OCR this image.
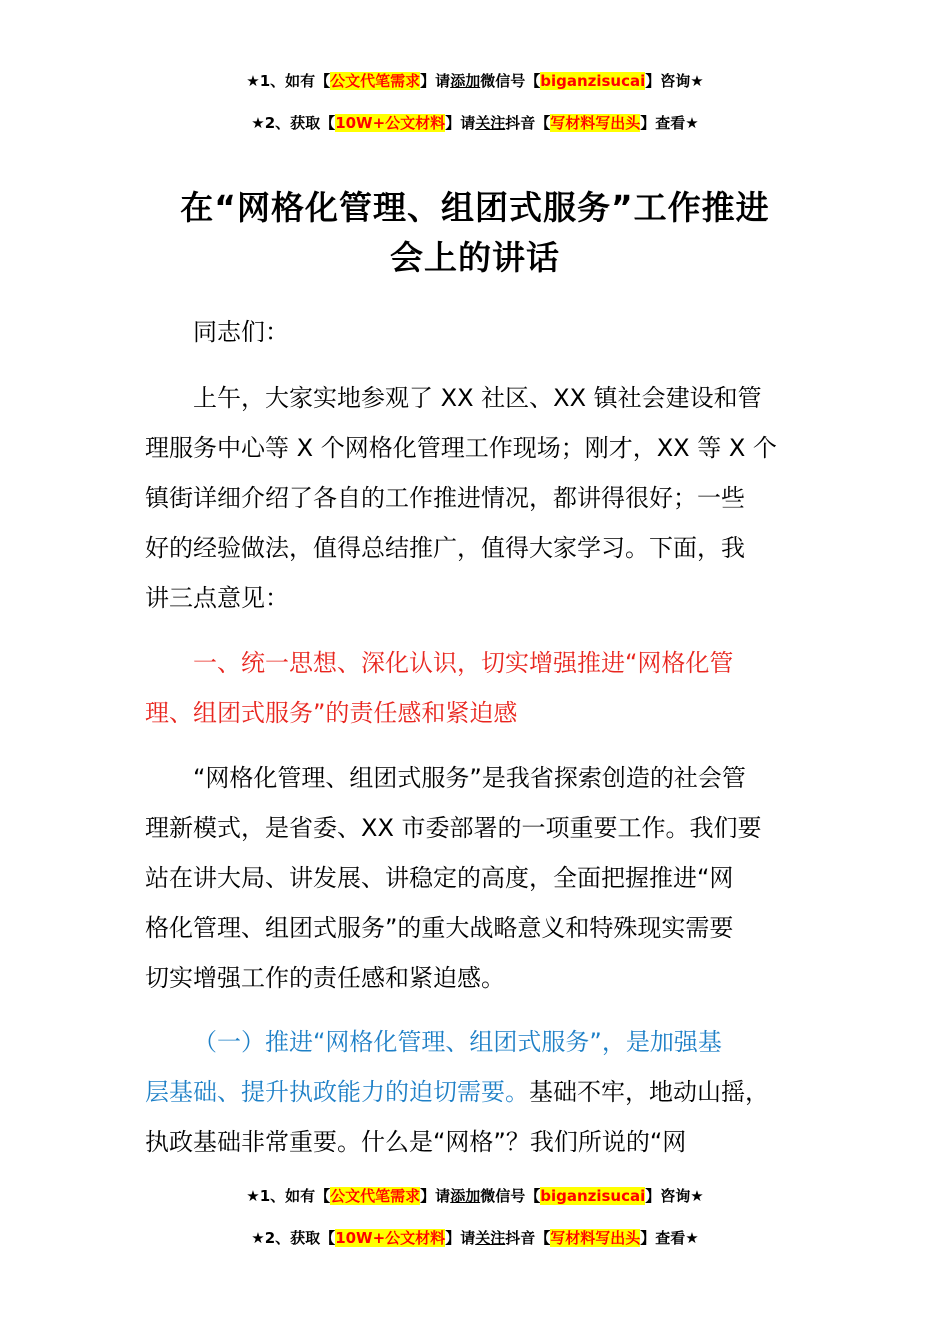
★1、如有【公文代笔需求】请添加微信号【biganzisucai】咨询★
★2、获取【10W+公文材料】请关注抖音【写材料写出头】查看★
在“网格化管理、组团式服务”工作推进
会上的讲话
同志们：
上午，大家实地参观了 XX 社区、XX 镇社会建设和管
理服务中心等 X 个网格化管理工作现场；刚才，XX 等 X 个
镇街详细介绍了各自的工作推进情况，都讲得很好；一些
好的经验做法，值得总结推广，值得大家学习。下面，我
讲三点意见：
一、统一思想、深化认识，切实增强推进“网格化管
理、组团式服务”的责任感和紧迫感
“网格化管理、组团式服务”是我省探索创造的社会管
理新模式，是省委、XX 市委部署的一项重要工作。我们要
站在讲大局、讲发展、讲稳定的高度，全面把握推进“网
格化管理、组团式服务”的重大战略意义和特殊现实需要
切实增强工作的责任感和紧迫感。
（一）推进“网格化管理、组团式服务”，是加强基
层基础、提升执政能力的迫切需要。基础不牢，地动山摇，
执政基础非常重要。什么是“网格”？我们所说的“网
★1、如有【公文代笔需求】请添加微信号【biganzisucai】咨询★
★2、获取【10W+公文材料】请关注抖音【写材料写出头】查看★
